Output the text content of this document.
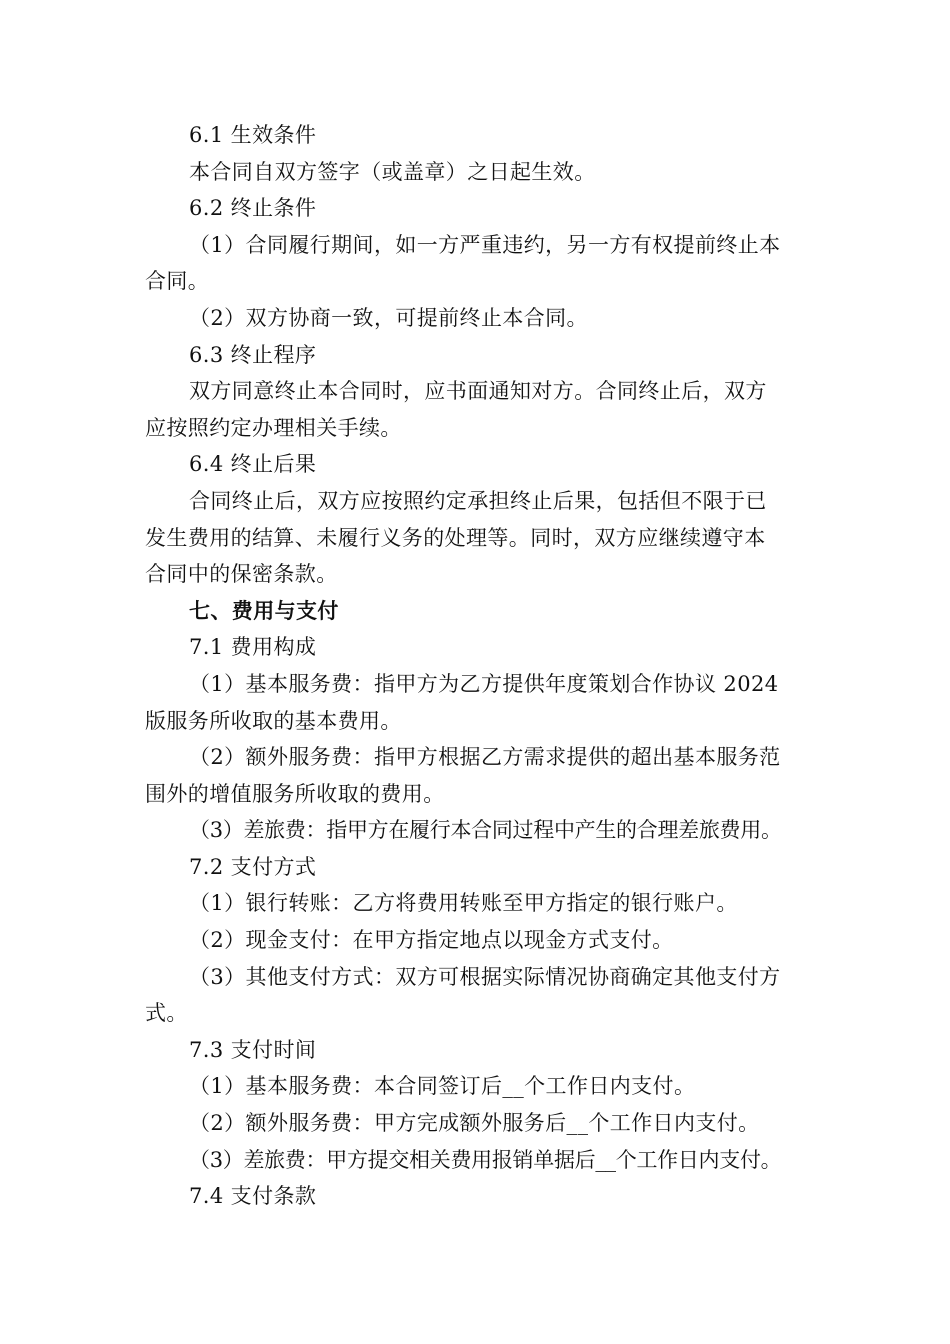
6.1 生效条件
本合同自双方签字（或盖章）之日起生效。
6.2 终止条件
（1）合同履行期间，如一方严重违约，另一方有权提前终止本
合同。
（2）双方协商一致，可提前终止本合同。
6.3 终止程序
双方同意终止本合同时，应书面通知对方。合同终止后，双方
应按照约定办理相关手续。
6.4 终止后果
合同终止后，双方应按照约定承担终止后果，包括但不限于已
发生费用的结算、未履行义务的处理等。同时，双方应继续遵守本
合同中的保密条款。
七、费用与支付
7.1 费用构成
（1）基本服务费：指甲方为乙方提供年度策划合作协议 2024
版服务所收取的基本费用。
（2）额外服务费：指甲方根据乙方需求提供的超出基本服务范
围外的增值服务所收取的费用。
（3）差旅费：指甲方在履行本合同过程中产生的合理差旅费用。
7.2 支付方式
（1）银行转账：乙方将费用转账至甲方指定的银行账户。
（2）现金支付：在甲方指定地点以现金方式支付。
（3）其他支付方式：双方可根据实际情况协商确定其他支付方
式。
7.3 支付时间
（1）基本服务费：本合同签订后__个工作日内支付。
（2）额外服务费：甲方完成额外服务后__个工作日内支付。
（3）差旅费：甲方提交相关费用报销单据后__个工作日内支付。
7.4 支付条款
